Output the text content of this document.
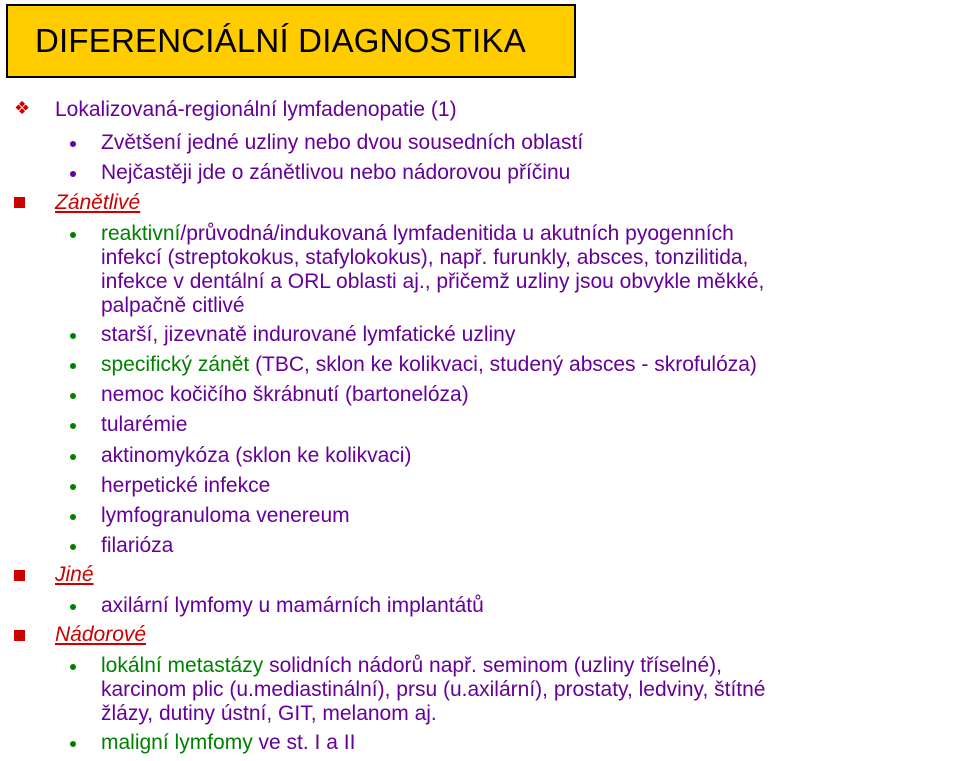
DIFERENCIÁLNÍ DIAGNOSTIKA
❖ Lokalizovaná-regionální lymfadenopatie (1)
Zvětšení jedné uzliny nebo dvou sousedních oblastí
Nejčastěji jde o zánětlivou nebo nádorovou příčinu
Zánětlivé
reaktivní/průvodná/indukovaná lymfadenitida u akutních pyogenních
infekcí (streptokokus, stafylokokus), např. furunkly, absces, tonzilitida,
infekce v dentální a ORL oblasti aj., přičemž uzliny jsou obvykle měkké,
palpačně citlivé
starší, jizevnatě indurované lymfatické uzliny
specifický zánět (TBC, sklon ke kolikvaci, studený absces - skrofulóza)
nemoc kočičího škrábnutí (bartonelóza)
tularémie
aktinomykóza (sklon ke kolikvaci)
herpetické infekce
lymfogranuloma venereum
filarióza
Jiné
axilární lymfomy u mamárních implantátů
Nádorové
lokální metastázy solidních nádorů např. seminom (uzliny tříselné),
karcinom plic (u.mediastinální), prsu (u.axilární), prostaty, ledviny, štítné
žlázy, dutiny ústní, GIT, melanom aj.
maligní lymfomy ve st. I a II
